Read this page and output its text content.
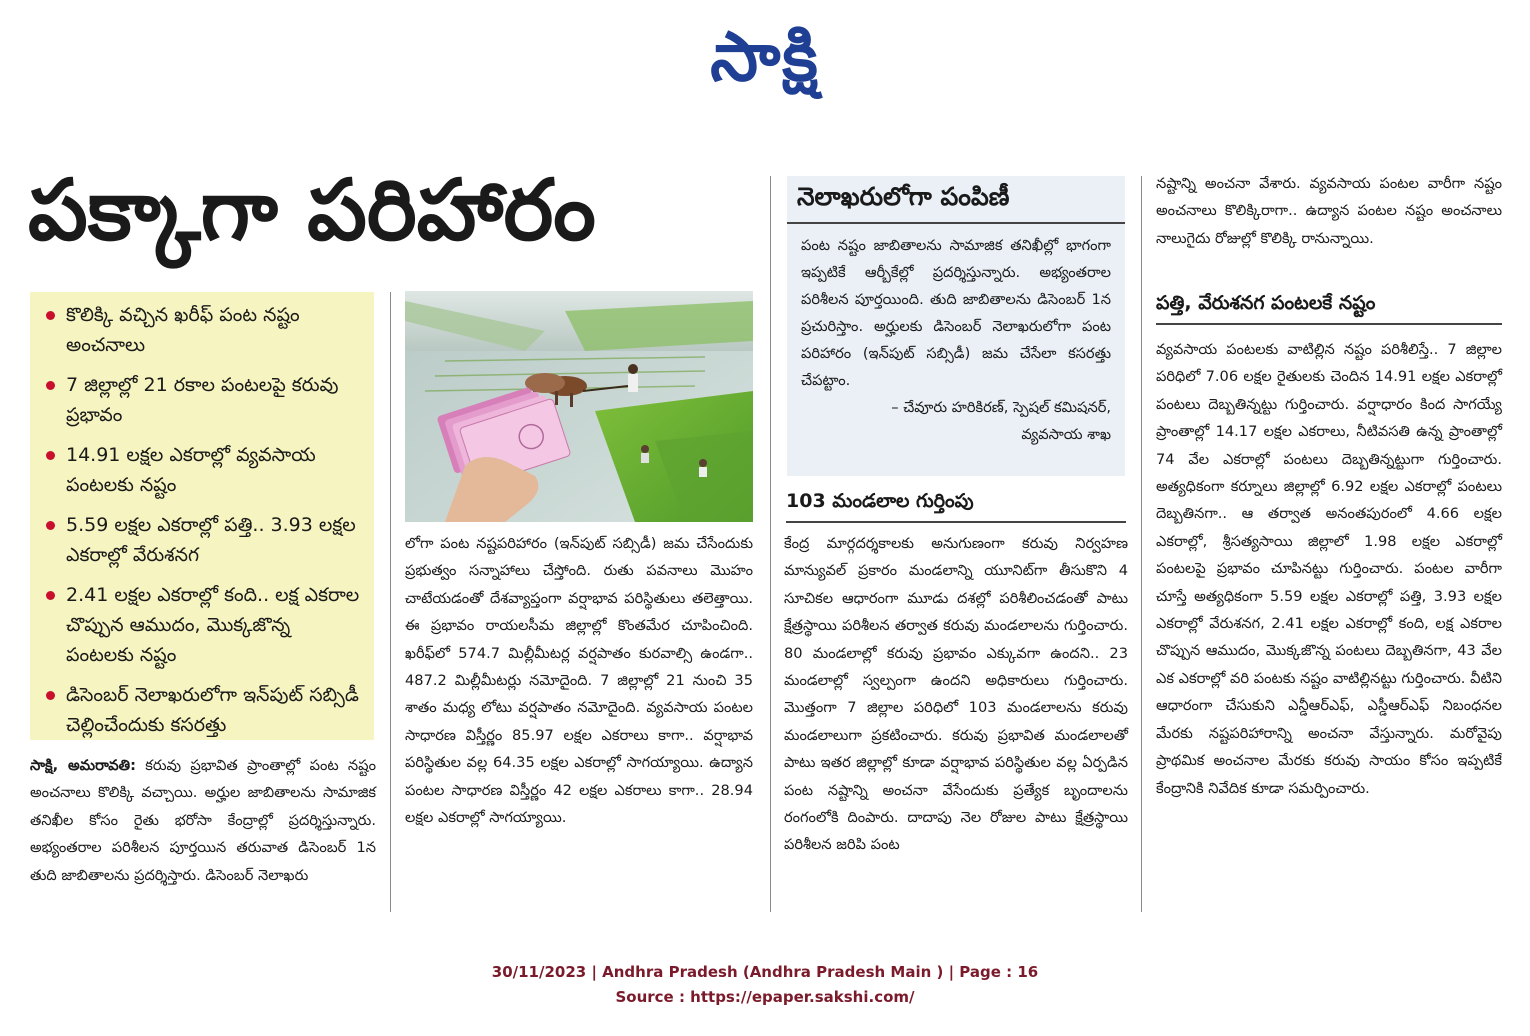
సాక్షి
పక్కాగా పరిహారం
కొలిక్కి వచ్చిన ఖరీఫ్ పంట నష్టం అంచనాలు
7 జిల్లాల్లో 21 రకాల పంటలపై కరువు ప్రభావం
14.91 లక్షల ఎకరాల్లో వ్యవసాయ పంటలకు నష్టం
5.59 లక్షల ఎకరాల్లో పత్తి.. 3.93 లక్షల ఎకరాల్లో వేరుశనగ
2.41 లక్షల ఎకరాల్లో కంది.. లక్ష ఎకరాల చొప్పున ఆముదం, మొక్కజొన్న పంటలకు నష్టం
డిసెంబర్ నెలాఖరులోగా ఇన్‌పుట్ సబ్సిడీ చెల్లించేందుకు కసరత్తు
సాక్షి, అమరావతి: కరువు ప్రభావిత ప్రాంతాల్లో పంట నష్టం అంచనాలు కొలిక్కి వచ్చాయి. అర్హుల జాబితాలను సామాజిక తనిఖీల కోసం రైతు భరోసా కేంద్రాల్లో ప్రదర్శిస్తున్నారు. అభ్యంతరాల పరిశీలన పూర్తయిన తరువాత డిసెంబర్ 1న తుది జాబితాలను ప్రదర్శిస్తారు. డిసెంబర్ నెలాఖరు
లోగా పంట నష్టపరిహారం (ఇన్‌పుట్ సబ్సిడీ) జమ చేసేందుకు ప్రభుత్వం సన్నాహాలు చేస్తోంది. రుతు పవనాలు మొహం చాటేయడంతో దేశవ్యాప్తంగా వర్షాభావ పరిస్థితులు తలెత్తాయి. ఈ ప్రభావం రాయలసీమ జిల్లాల్లో కొంతమేర చూపించింది. ఖరీఫ్‌లో 574.7 మిల్లీమీటర్ల వర్షపాతం కురవాల్సి ఉండగా.. 487.2 మిల్లీమీటర్లు నమోదైంది. 7 జిల్లాల్లో 21 నుంచి 35 శాతం మధ్య లోటు వర్షపాతం నమోదైంది. వ్యవసాయ పంటల సాధారణ విస్తీర్ణం 85.97 లక్షల ఎకరాలు కాగా.. వర్షాభావ పరిస్థితుల వల్ల 64.35 లక్షల ఎకరాల్లో సాగయ్యాయి. ఉద్యాన పంటల సాధారణ విస్తీర్ణం 42 లక్షల ఎకరాలు కాగా.. 28.94 లక్షల ఎకరాల్లో సాగయ్యాయి.
నెలాఖరులోగా పంపిణీ
పంట నష్టం జాబితాలను సామాజిక తనిఖీల్లో భాగంగా ఇప్పటికే ఆర్బీకేల్లో ప్రదర్శిస్తున్నారు. అభ్యంతరాల పరిశీలన పూర్తయింది. తుది జాబితాలను డిసెంబర్ 1న ప్రచురిస్తాం. అర్హులకు డిసెంబర్ నెలాఖరులోగా పంట పరిహారం (ఇన్‌పుట్ సబ్సిడీ) జమ చేసేలా కసరత్తు చేపట్టాం.
– చేవూరు హరికిరణ్, స్పెషల్ కమిషనర్,
వ్యవసాయ శాఖ
103 మండలాల గుర్తింపు
కేంద్ర మార్గదర్శకాలకు అనుగుణంగా కరువు నిర్వహణ మాన్యువల్ ప్రకారం మండలాన్ని యూనిట్‌గా తీసుకొని 4 సూచికల ఆధారంగా మూడు దశల్లో పరిశీలించడంతో పాటు క్షేత్రస్థాయి పరిశీలన తర్వాత కరువు మండలాలను గుర్తించారు. 80 మండలాల్లో కరువు ప్రభావం ఎక్కువగా ఉందని.. 23 మండలాల్లో స్వల్పంగా ఉందని అధికారులు గుర్తించారు. మొత్తంగా 7 జిల్లాల పరిధిలో 103 మండలాలను కరువు మండలాలుగా ప్రకటించారు. కరువు ప్రభావిత మండలాలతో పాటు ఇతర జిల్లాల్లో కూడా వర్షాభావ పరిస్థితుల వల్ల ఏర్పడిన పంట నష్టాన్ని అంచనా వేసేందుకు ప్రత్యేక బృందాలను రంగంలోకి దింపారు. దాదాపు నెల రోజుల పాటు క్షేత్రస్థాయి పరిశీలన జరిపి పంట
నష్టాన్ని అంచనా వేశారు. వ్యవసాయ పంటల వారీగా నష్టం అంచనాలు కొలిక్కిరాగా.. ఉద్యాన పంటల నష్టం అంచనాలు నాలుగైదు రోజుల్లో కొలిక్కి రానున్నాయి.
పత్తి, వేరుశనగ పంటలకే నష్టం
వ్యవసాయ పంటలకు వాటిల్లిన నష్టం పరిశీలిస్తే.. 7 జిల్లాల పరిధిలో 7.06 లక్షల రైతులకు చెందిన 14.91 లక్షల ఎకరాల్లో పంటలు దెబ్బతిన్నట్టు గుర్తించారు. వర్షాధారం కింద సాగయ్యే ప్రాంతాల్లో 14.17 లక్షల ఎకరాలు, నీటివసతి ఉన్న ప్రాంతాల్లో 74 వేల ఎకరాల్లో పంటలు దెబ్బతిన్నట్టుగా గుర్తించారు. అత్యధికంగా కర్నూలు జిల్లాల్లో 6.92 లక్షల ఎకరాల్లో పంటలు దెబ్బతినగా.. ఆ తర్వాత అనంతపురంలో 4.66 లక్షల ఎకరాల్లో, శ్రీసత్యసాయి జిల్లాలో 1.98 లక్షల ఎకరాల్లో పంటలపై ప్రభావం చూపినట్టు గుర్తించారు. పంటల వారీగా చూస్తే అత్యధికంగా 5.59 లక్షల ఎకరాల్లో పత్తి, 3.93 లక్షల ఎకరాల్లో వేరుశనగ, 2.41 లక్షల ఎకరాల్లో కంది, లక్ష ఎకరాల చొప్పున ఆముదం, మొక్కజొన్న పంటలు దెబ్బతినగా, 43 వేల ఎక ఎకరాల్లో వరి పంటకు నష్టం వాటిల్లినట్టు గుర్తించారు. వీటిని ఆధారంగా చేసుకుని ఎన్డీఆర్ఎఫ్, ఎస్డీఆర్ఎఫ్ నిబంధనల మేరకు నష్టపరిహారాన్ని అంచనా వేస్తున్నారు. మరోవైపు ప్రాథమిక అంచనాల మేరకు కరువు సాయం కోసం ఇప్పటికే కేంద్రానికి నివేదిక కూడా సమర్పించారు.
30/11/2023 | Andhra Pradesh (Andhra Pradesh Main ) | Page : 16
Source : https://epaper.sakshi.com/
